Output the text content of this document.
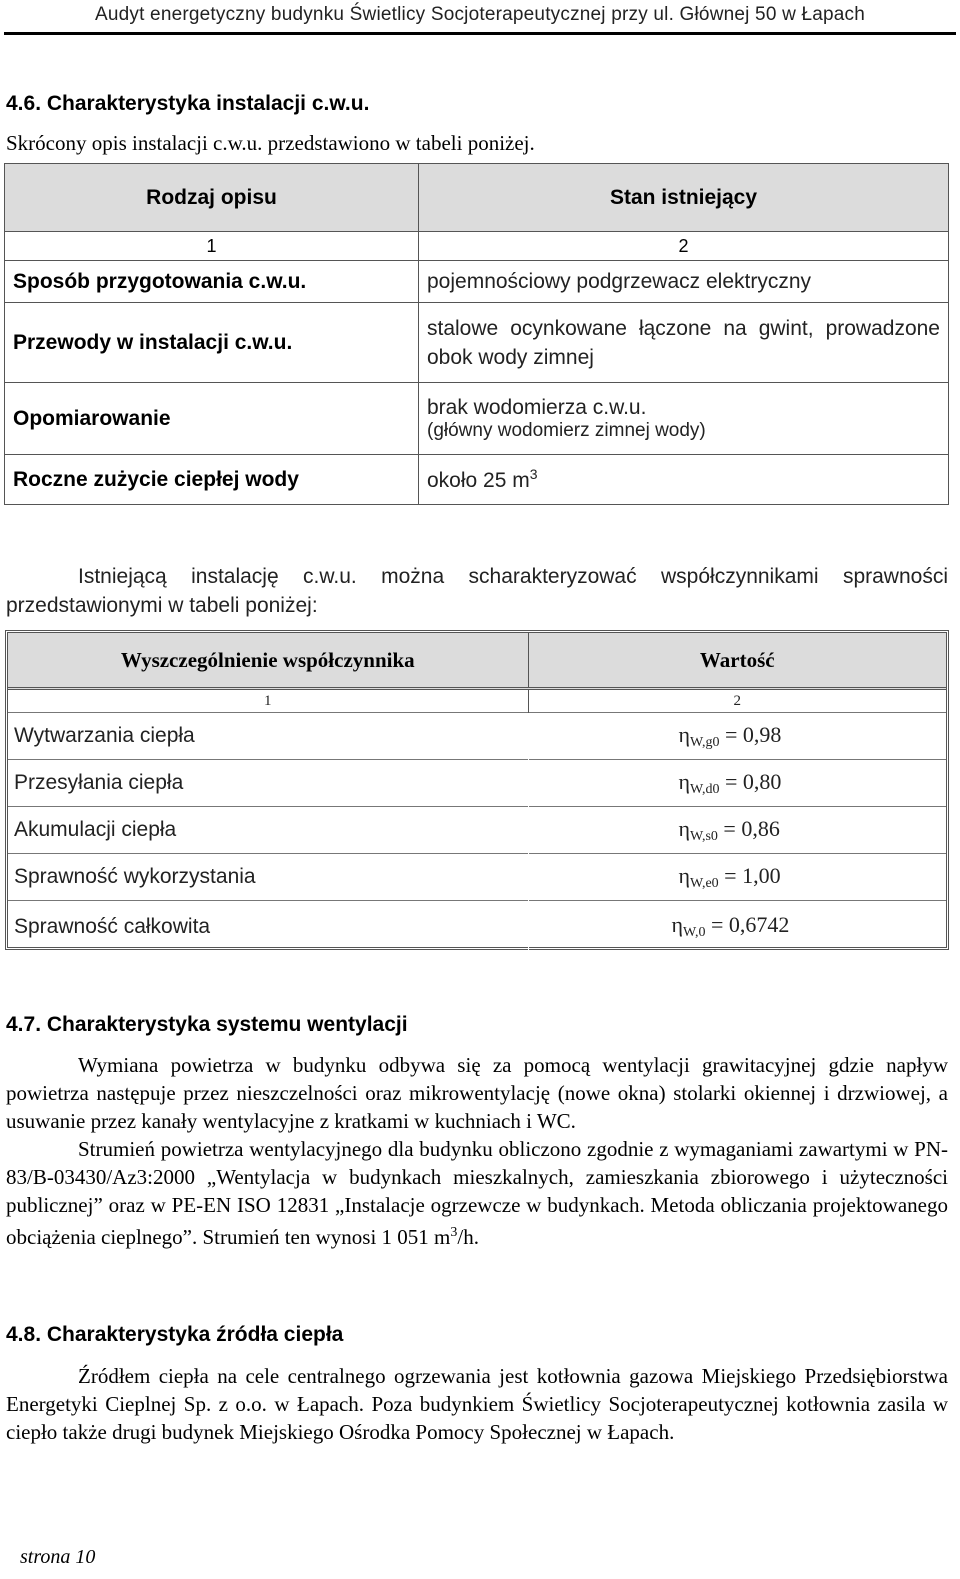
Audyt energetyczny budynku Świetlicy Socjoterapeutycznej przy ul. Głównej 50 w Łapach
4.6. Charakterystyka instalacji c.w.u.
Skrócony opis instalacji c.w.u. przedstawiono w tabeli poniżej.
Rodzaj opisu	Stan istniejący
1	2
Sposób przygotowania c.w.u.	pojemnościowy podgrzewacz elektryczny
Przewody w instalacji c.w.u.	stalowe ocynkowane łączone na gwint, prowadzone obok wody zimnej
Opomiarowanie	brak wodomierza c.w.u.
(główny wodomierz zimnej wody)

Roczne zużycie ciepłej wody	około 25 $m^3$
Istniejącą instalację c.w.u. można scharakteryzować współczynnikami sprawności przedstawionymi w tabeli poniżej:
Wyszczególnienie współczynnika	Wartość
1	2
Wytwarzania ciepła	$\eta_{W,g0} = 0,98$
Przesyłania ciepła	$\eta_{W,d0} = 0,80$
Akumulacji ciepła	$\eta_{W,s0} = 0,86$
Sprawność wykorzystania	$\eta_{W,e0} = 1,00$
Sprawność całkowita	$\eta_{W,0} = 0,6742$
4.7. Charakterystyka systemu wentylacji

Wymiana powietrza w budynku odbywa się za pomocą wentylacji grawitacyjnej gdzie napływ powietrza następuje przez nieszczelności oraz mikrowentylację (nowe okna) stolarki okiennej i drzwiowej, a usuwanie przez kanały wentylacyjne z kratkami w kuchniach i WC.

Strumień powietrza wentylacyjnego dla budynku obliczono zgodnie z wymaganiami zawartymi w PN-83/B-03430/Az3:2000 „Wentylacja w budynkach mieszkalnych, zamieszkania zbiorowego i użyteczności publicznej” oraz w PE-EN ISO 12831 „Instalacje ogrzewcze w budynkach. Metoda obliczania projektowanego obciążenia cieplnego”. Strumień ten wynosi 1 051 $m^3/h$.

4.8. Charakterystyka źródła ciepła

Źródłem ciepła na cele centralnego ogrzewania jest kotłownia gazowa Miejskiego Przedsiębiorstwa Energetyki Cieplnej Sp. z o.o. w Łapach. Poza budynkiem Świetlicy Socjoterapeutycznej kotłownia zasila w ciepło także drugi budynek Miejskiego Ośrodka Pomocy Społecznej w Łapach.

strona 10
